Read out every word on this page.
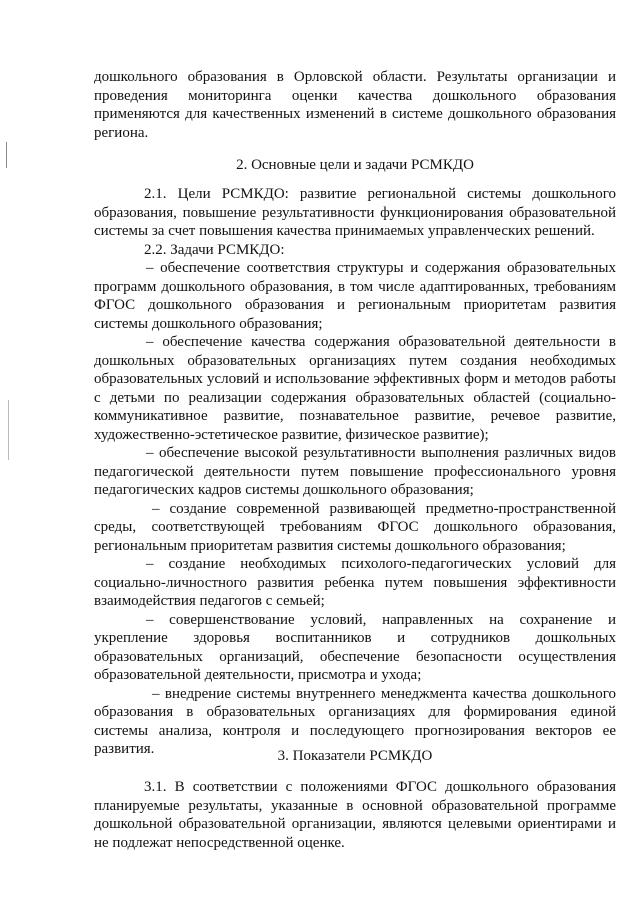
дошкольного образования в Орловской области. Результаты организации и проведения мониторинга оценки качества дошкольного образования применяются для качественных изменений в системе дошкольного образования региона.

2. Основные цели и задачи РСМКДО

2.1. Цели РСМКДО: развитие региональной системы дошкольного образования, повышение результативности функционирования образовательной системы за счет повышения качества принимаемых управленческих решений.

2.2. Задачи РСМКДО:

– обеспечение соответствия структуры и содержания образовательных программ дошкольного образования, в том числе адаптированных, требованиям ФГОС дошкольного образования и региональным приоритетам развития системы дошкольного образования;

– обеспечение качества содержания образовательной деятельности в дошкольных образовательных организациях путем создания необходимых образовательных условий и использование эффективных форм и методов работы с детьми по реализации содержания образовательных областей (социально-коммуникативное развитие, познавательное развитие, речевое развитие, художественно-эстетическое развитие, физическое развитие);

– обеспечение высокой результативности выполнения различных видов педагогической деятельности путем повышение профессионального уровня педагогических кадров системы дошкольного образования;

– создание современной развивающей предметно-пространственной среды, соответствующей требованиям ФГОС дошкольного образования, региональным приоритетам развития системы дошкольного образования;

– создание необходимых психолого-педагогических условий для социально-личностного развития ребенка путем повышения эффективности взаимодействия педагогов с семьей;

– совершенствование условий, направленных на сохранение и укрепление здоровья воспитанников и сотрудников дошкольных образовательных организаций, обеспечение безопасности осуществления образовательной деятельности, присмотра и ухода;

– внедрение системы внутреннего менеджмента качества дошкольного образования в образовательных организациях для формирования единой системы анализа, контроля и последующего прогнозирования векторов ее развития.	3. Показатели РСМКДО

3.1. В соответствии с положениями ФГОС дошкольного образования планируемые результаты, указанные в основной образовательной программе дошкольной образовательной организации, являются целевыми ориентирами и не подлежат непосредственной оценке.
